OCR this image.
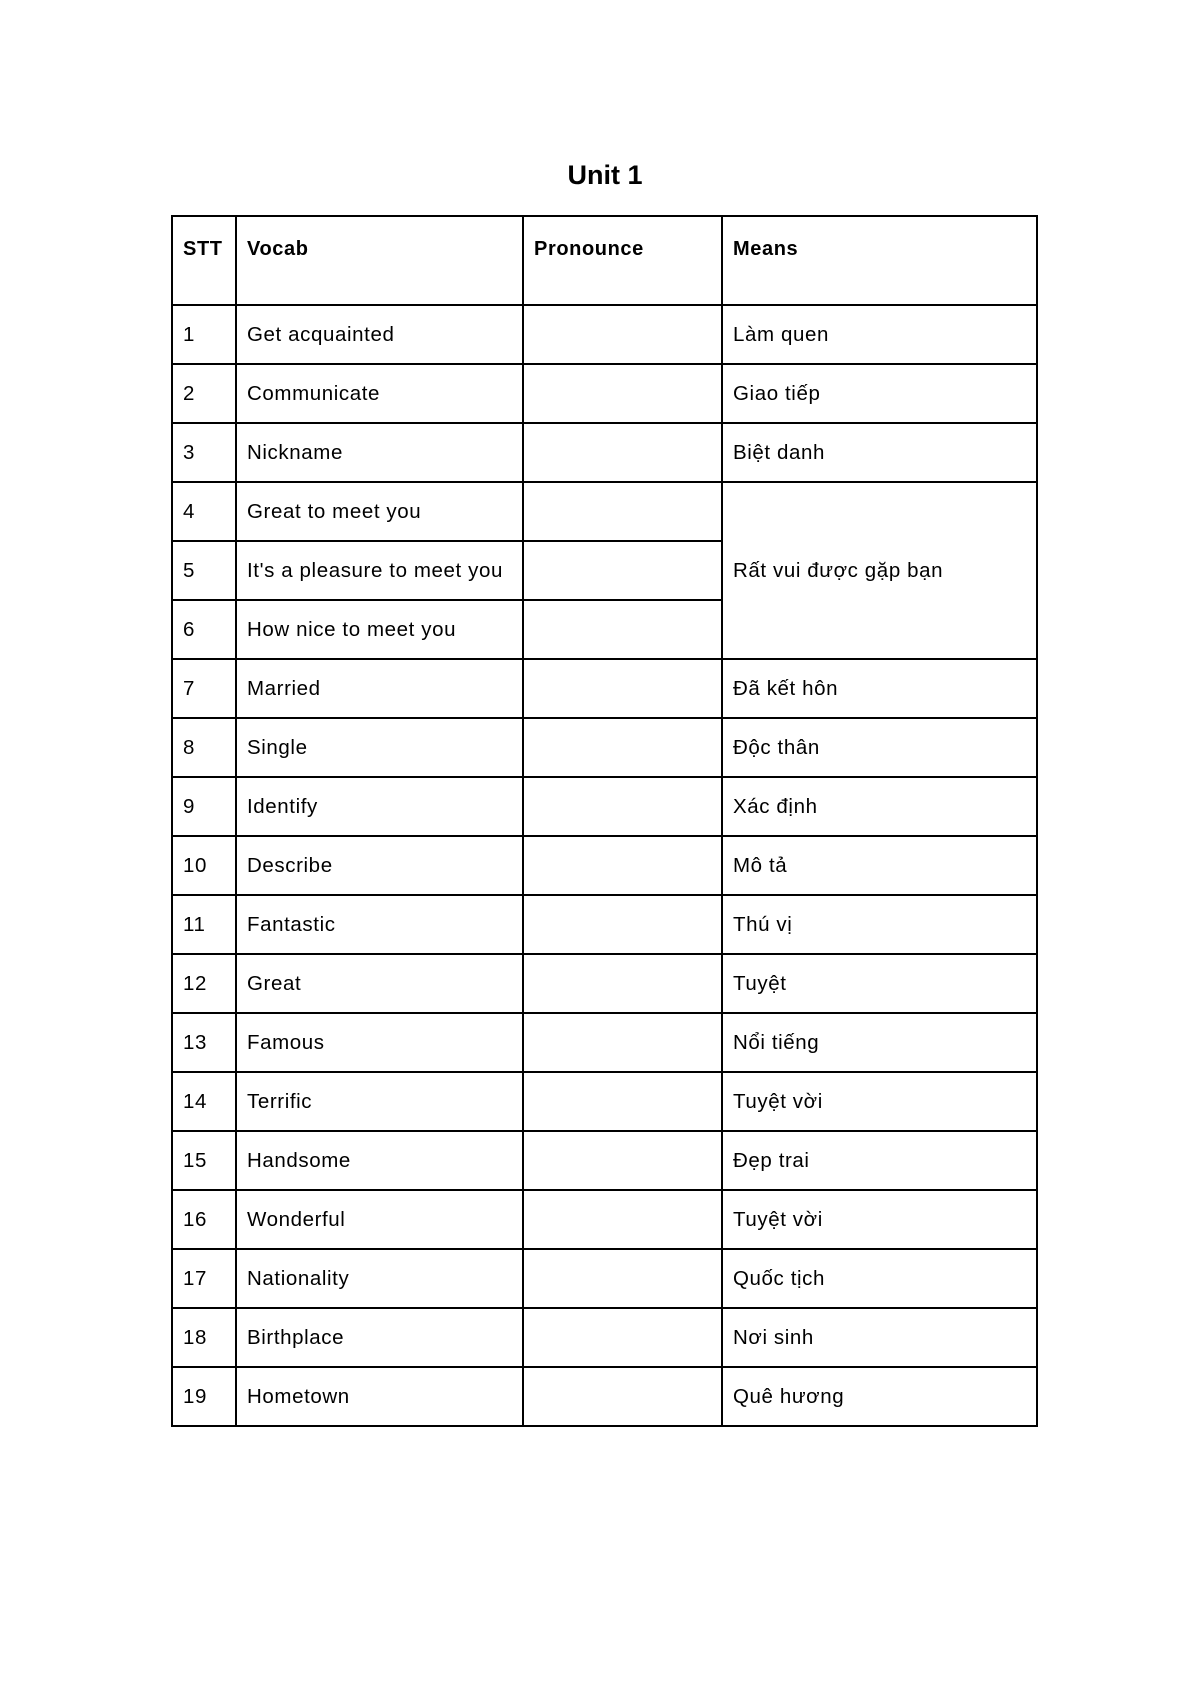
Unit 1
STT	Vocab	Pronounce	Means
1	Get acquainted		Làm quen
2	Communicate		Giao tiếp
3	Nickname		Biệt danh
4	Great to meet you		Rất vui được gặp bạn
5	It's a pleasure to meet you		
6	How nice to meet you		
7	Married		Đã kết hôn
8	Single		Độc thân
9	Identify		Xác định
10	Describe		Mô tả
11	Fantastic		Thú vị
12	Great		Tuyệt
13	Famous		Nổi tiếng
14	Terrific		Tuyệt vời
15	Handsome		Đẹp trai
16	Wonderful		Tuyệt vời
17	Nationality		Quốc tịch
18	Birthplace		Nơi sinh
19	Hometown		Quê hương
